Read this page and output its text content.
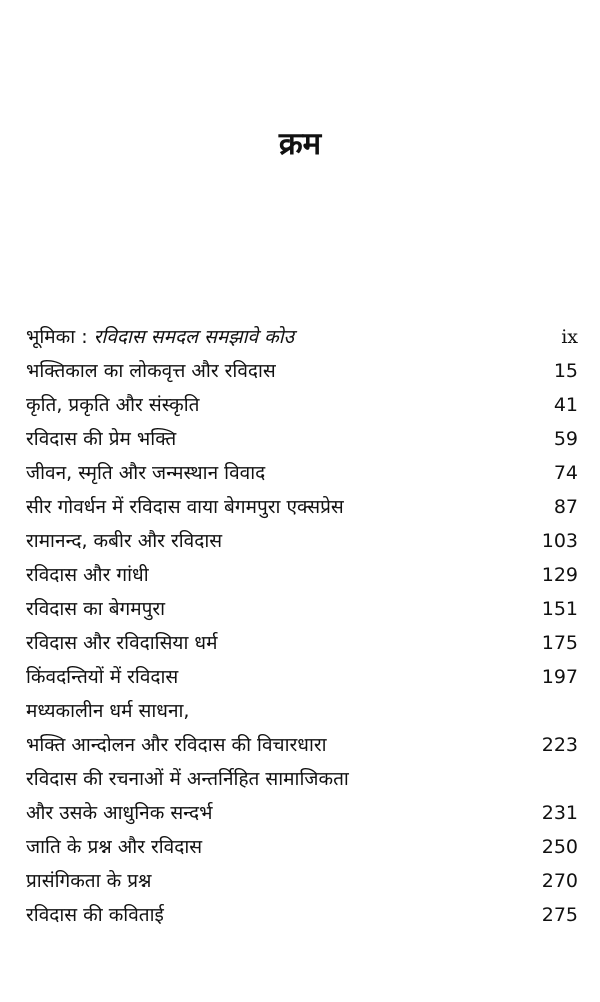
क्रम
भूमिका : रविदास समदल समझावे कोउ	ix
भक्तिकाल का लोकवृत्त और रविदास	15
कृति, प्रकृति और संस्कृति	41
रविदास की प्रेम भक्ति	59
जीवन, स्मृति और जन्मस्थान विवाद	74
सीर गोवर्धन में रविदास वाया बेगमपुरा एक्सप्रेस	87
रामानन्द, कबीर और रविदास	103
रविदास और गांधी	129
रविदास का बेगमपुरा	151
रविदास और रविदासिया धर्म	175
किंवदन्तियों में रविदास	197
मध्यकालीन धर्म साधना,
भक्ति आन्दोलन और रविदास की विचारधारा	223
रविदास की रचनाओं में अन्तर्निहित सामाजिकता
और उसके आधुनिक सन्दर्भ	231
जाति के प्रश्न और रविदास	250
प्रासंगिकता के प्रश्न	270
रविदास की कविताई	275
